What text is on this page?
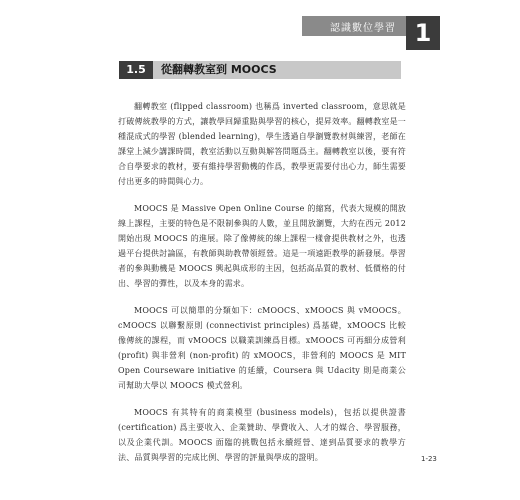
認識數位學習 1
1.5	從翻轉教室到 MOOCS

翻轉教室 (flipped classroom) 也稱爲 inverted classroom，意思就是打破傳統教學的方式，讓教學回歸重點與學習的核心，提昇效率。翻轉教室是一種混成式的學習 (blended learning)，學生透過自學瀏覽教材與練習，老師在課堂上減少講課時間，教室活動以互動與解答問題爲主。翻轉教室以後，要有符合自學要求的教材，要有維持學習動機的作爲，教學更需要付出心力，師生需要付出更多的時間與心力。

MOOCS 是 Massive Open Online Course 的縮寫，代表大規模的開放線上課程，主要的特色是不限制參與的人數，並且開放瀏覽，大約在西元 2012 開始出現 MOOCS 的進展。除了像傳統的線上課程一樣會提供教材之外，也透過平台提供討論區，有教師與助教帶領經營。這是一項遠距教學的新發展。學習者的參與動機是 MOOCS 興起與成形的主因，包括高品質的教材、低價格的付出、學習的彈性，以及本身的需求。

MOOCS 可以簡單的分類如下：cMOOCS、xMOOCS 與 vMOOCS。cMOOCS 以聯繫原則 (connectivist principles) 爲基礎，xMOOCS 比較像傳統的課程，而 vMOOCS 以職業訓練爲目標。xMOOCS 可再細分成營利 (profit) 與非營利 (non-profit) 的 xMOOCS，非營利的 MOOCS 是 MIT Open Courseware initiative 的延續，Coursera 與 Udacity 則是商業公司幫助大學以 MOOCS 模式營利。

MOOCS 有其特有的商業模型 (business models)，包括以提供證書 (certification) 爲主要收入、企業贊助、學費收入、人才的媒合、學習服務，以及企業代訓。MOOCS 面臨的挑戰包括永續經營、達到品質要求的教學方法、品質與學習的完成比例、學習的評量與學成的證明。	1-23
